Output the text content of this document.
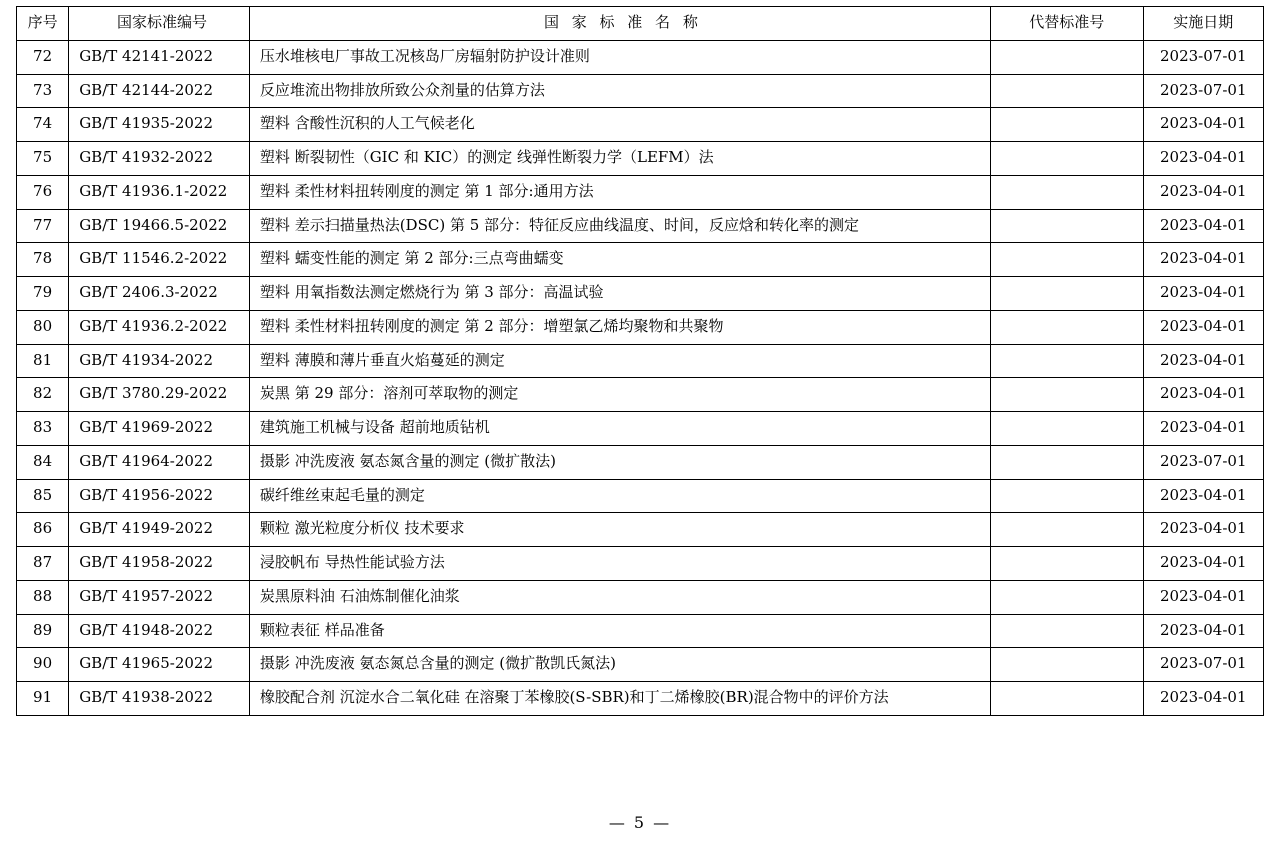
序号	国家标准编号	国 家 标 准 名 称	代替标准号	实施日期
72	GB/T 42141-2022	压水堆核电厂事故工况核岛厂房辐射防护设计准则		2023-07-01
73	GB/T 42144-2022	反应堆流出物排放所致公众剂量的估算方法		2023-07-01
74	GB/T 41935-2022	塑料 含酸性沉积的人工气候老化		2023-04-01
75	GB/T 41932-2022	塑料 断裂韧性（GIC 和 KIC）的测定 线弹性断裂力学（LEFM）法		2023-04-01
76	GB/T 41936.1-2022	塑料 柔性材料扭转刚度的测定 第 1 部分:通用方法		2023-04-01
77	GB/T 19466.5-2022	塑料 差示扫描量热法(DSC) 第 5 部分：特征反应曲线温度、时间，反应焓和转化率的测定		2023-04-01
78	GB/T 11546.2-2022	塑料 蠕变性能的测定 第 2 部分:三点弯曲蠕变		2023-04-01
79	GB/T 2406.3-2022	塑料 用氧指数法测定燃烧行为 第 3 部分：高温试验		2023-04-01
80	GB/T 41936.2-2022	塑料 柔性材料扭转刚度的测定 第 2 部分：增塑氯乙烯均聚物和共聚物		2023-04-01
81	GB/T 41934-2022	塑料 薄膜和薄片垂直火焰蔓延的测定		2023-04-01
82	GB/T 3780.29-2022	炭黑 第 29 部分：溶剂可萃取物的测定		2023-04-01
83	GB/T 41969-2022	建筑施工机械与设备 超前地质钻机		2023-04-01
84	GB/T 41964-2022	摄影 冲洗废液 氨态氮含量的测定 (微扩散法)		2023-07-01
85	GB/T 41956-2022	碳纤维丝束起毛量的测定		2023-04-01
86	GB/T 41949-2022	颗粒 激光粒度分析仪 技术要求		2023-04-01
87	GB/T 41958-2022	浸胶帆布 导热性能试验方法		2023-04-01
88	GB/T 41957-2022	炭黑原料油 石油炼制催化油浆		2023-04-01
89	GB/T 41948-2022	颗粒表征 样品准备		2023-04-01
90	GB/T 41965-2022	摄影 冲洗废液 氨态氮总含量的测定 (微扩散凯氏氮法)		2023-07-01
91	GB/T 41938-2022	橡胶配合剂 沉淀水合二氧化硅 在溶聚丁苯橡胶(S-SBR)和丁二烯橡胶(BR)混合物中的评价方法		2023-04-01
— 5 —
